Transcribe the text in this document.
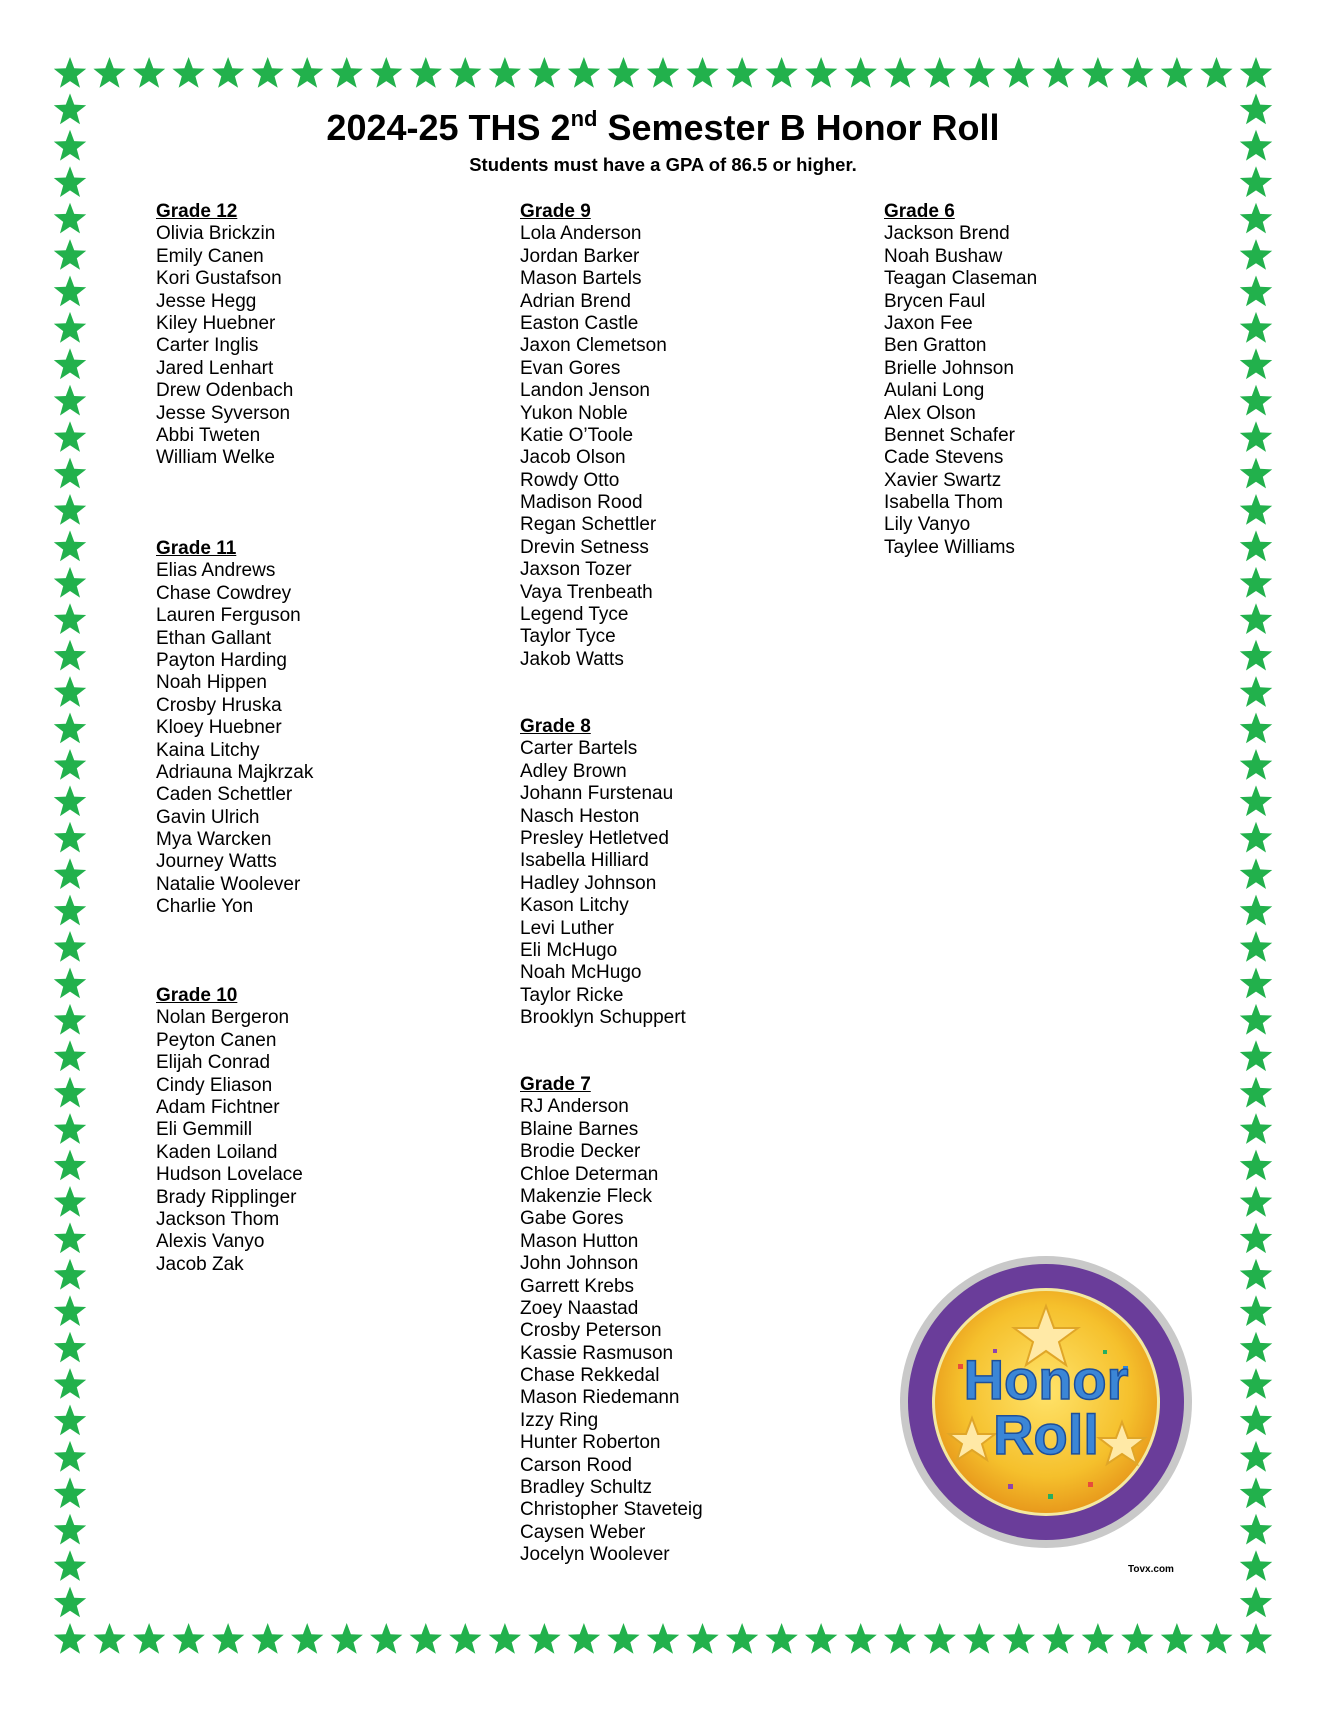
2024-25 THS 2nd Semester B Honor Roll
Students must have a GPA of 86.5 or higher.
Grade 12
Olivia Brickzin
Emily Canen
Kori Gustafson
Jesse Hegg
Kiley Huebner
Carter Inglis
Jared Lenhart
Drew Odenbach
Jesse Syverson
Abbi Tweten
William Welke
Grade 11
Elias Andrews
Chase Cowdrey
Lauren Ferguson
Ethan Gallant
Payton Harding
Noah Hippen
Crosby Hruska
Kloey Huebner
Kaina Litchy
Adriauna Majkrzak
Caden Schettler
Gavin Ulrich
Mya Warcken
Journey Watts
Natalie Woolever
Charlie Yon
Grade 10
Nolan Bergeron
Peyton Canen
Elijah Conrad
Cindy Eliason
Adam Fichtner
Eli Gemmill
Kaden Loiland
Hudson Lovelace
Brady Ripplinger
Jackson Thom
Alexis Vanyo
Jacob Zak
Grade 9
Lola Anderson
Jordan Barker
Mason Bartels
Adrian Brend
Easton Castle
Jaxon Clemetson
Evan Gores
Landon Jenson
Yukon Noble
Katie O’Toole
Jacob Olson
Rowdy Otto
Madison Rood
Regan Schettler
Drevin Setness
Jaxson Tozer
Vaya Trenbeath
Legend Tyce
Taylor Tyce
Jakob Watts
Grade 8
Carter Bartels
Adley Brown
Johann Furstenau
Nasch Heston
Presley Hetletved
Isabella Hilliard
Hadley Johnson
Kason Litchy
Levi Luther
Eli McHugo
Noah McHugo
Taylor Ricke
Brooklyn Schuppert
Grade 7
RJ Anderson
Blaine Barnes
Brodie Decker
Chloe Determan
Makenzie Fleck
Gabe Gores
Mason Hutton
John Johnson
Garrett Krebs
Zoey Naastad
Crosby Peterson
Kassie Rasmuson
Chase Rekkedal
Mason Riedemann
Izzy Ring
Hunter Roberton
Carson Rood
Bradley Schultz
Christopher Staveteig
Caysen Weber
Jocelyn Woolever
Grade 6
Jackson Brend
Noah Bushaw
Teagan Claseman
Brycen Faul
Jaxon Fee
Ben Gratton
Brielle Johnson
Aulani Long
Alex Olson
Bennet Schafer
Cade Stevens
Xavier Swartz
Isabella Thom
Lily Vanyo
Taylee Williams
Honor
Roll
Tovx.com
